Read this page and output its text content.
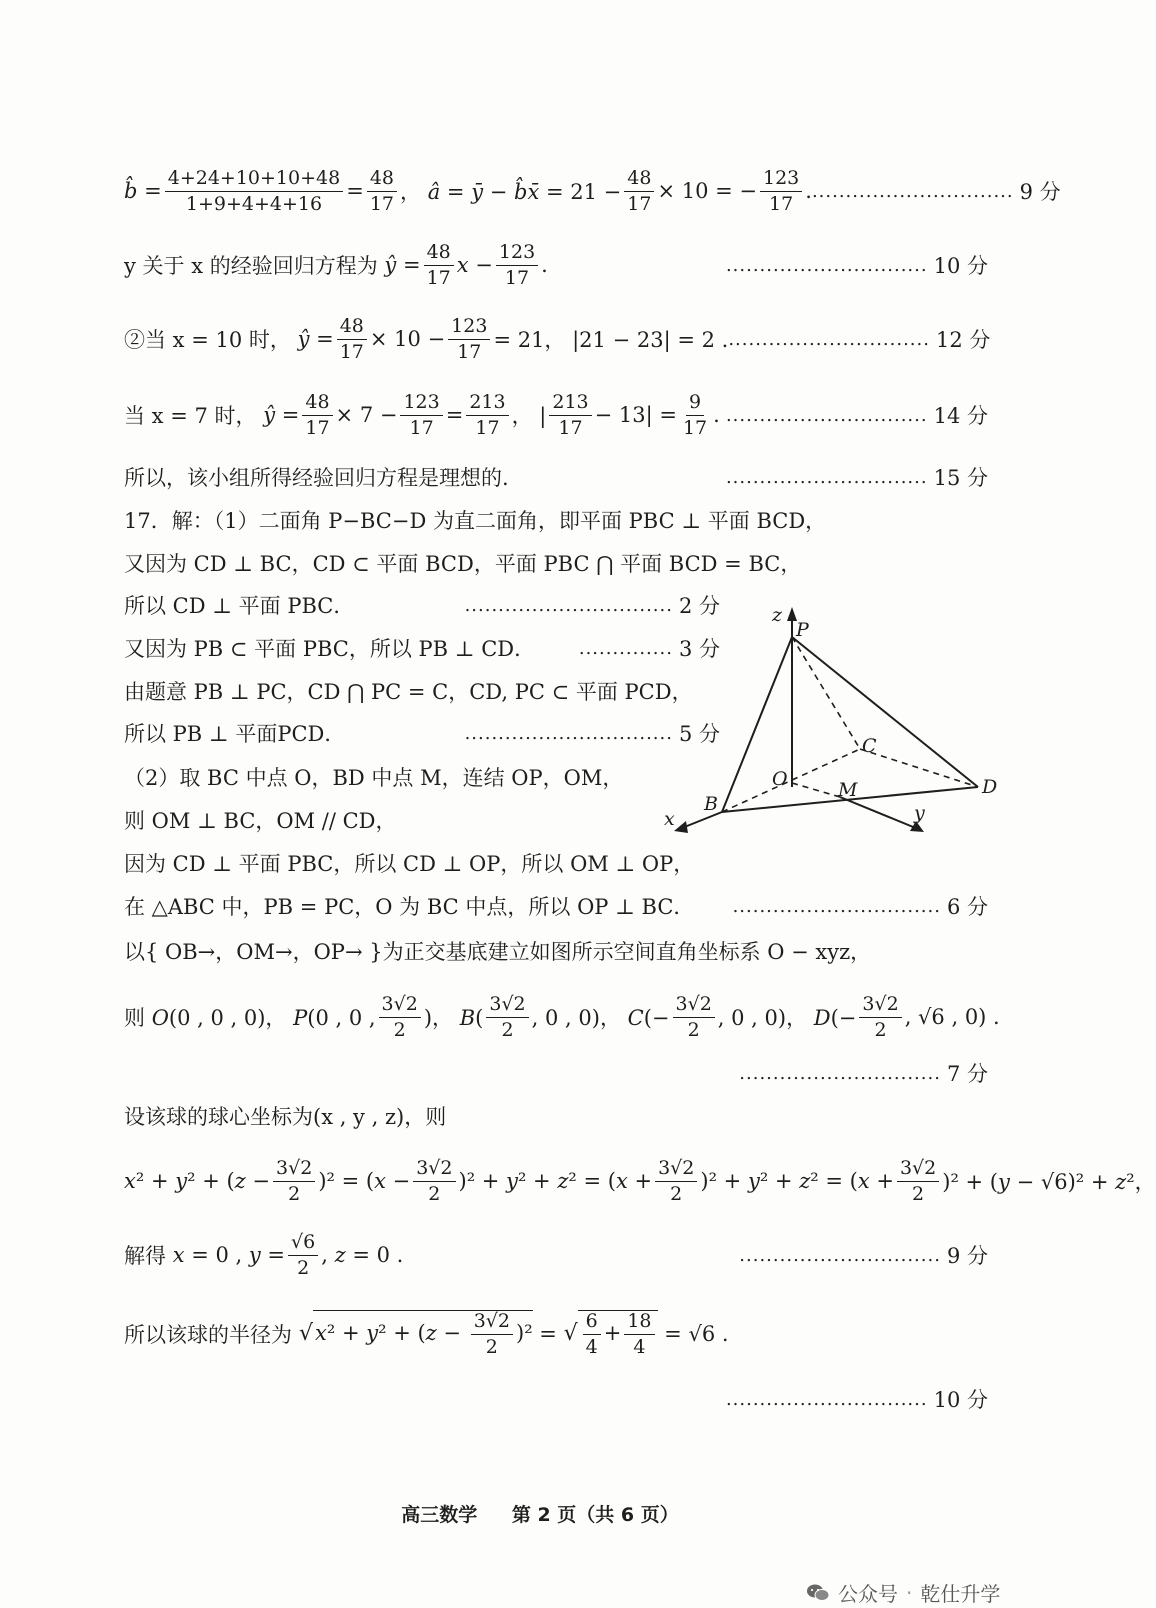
b̂ = $\frac{4+24+10+10+48}{1+9+4+4+16} = \frac{48}{17}$ ， â = ȳ − b̂x̄ = $21 - \frac{48}{17} \times 10$ = − $\frac{123}{17}$ . .............................. 9 分
y 关于 x 的经验回归方程为 ŷ = $\frac{48}{17}$ $x - \frac{123}{17}$ .	.............................. 10 分
②当 x = 10 时， ŷ = $\frac{48}{17} \times 10 - \frac{123}{17} = 21$， |21 − 23| = 2 . .............................. 12 分
当 x = 7 时， ŷ = $\frac{48}{17} \times 7 - \frac{123}{17} = \frac{213}{17}$ ， | $\frac{213}{17} - 13| = \frac{9}{17}$ . .............................. 14 分
所以，该小组所得经验回归方程是理想的.	.............................. 15 分
17．解：（1）二面角 P−BC−D 为直二面角，即平面 PBC ⊥ 平面 BCD，
又因为 CD ⊥ BC，CD ⊂ 平面 BCD，平面 PBC ⋂ 平面 BCD = BC，
所以 CD ⊥ 平面 PBC．	............................... 2 分
又因为 PB ⊂ 平面 PBC，所以 PB ⊥ CD． .............. 3 分
由题意 PB ⊥ PC，CD ⋂ PC = C，CD, PC ⊂ 平面 PCD，
所以 PB ⊥ 平面PCD．	............................... 5 分
（2）取 BC 中点 O，BD 中点 M，连结 OP，OM，
则 OM ⊥ BC，OM // CD，
因为 CD ⊥ 平面 PBC，所以 CD ⊥ OP，所以 OM ⊥ OP，
在 △ABC 中，PB = PC，O 为 BC 中点，所以 OP ⊥ BC． ............................... 6 分
以{ OB→，OM→，OP→ }为正交基底建立如图所示空间直角坐标系 O − xyz，
则 O(0 , 0 , 0)， P(0 , 0 , $\frac{3√2}{2}$ )， $B( \frac{3√2}{2}$ , 0 , 0)， $C(- \frac{3√2}{2}$ , 0 , 0)， $D(- \frac{3√2}{2}$ , √6 , 0) .
.............................. 7 分
设该球的球心坐标为(x , y , z)，则
$x^2 + y^2 + (z - \frac{3√2}{2} )^2 = (x - \frac{3√2}{2} )^2 + y^2 + z^2 = (x + \frac{3√2}{2} )^2 + y^2 + z^2 = (x + \frac{3√2}{2} )^2 + (y - √6)^2 + z^2$，
解得 x = 0 , $y = \frac{√6}{2}$ , z = 0 .	.............................. 9 分
所以该球的半径为 √ $x^2 + y^2 + (z - \frac{3√2}{2} )^2$ = √ $\frac{6}{4} + \frac{18}{4} = √6$ .
.............................. 10 分
z
P
C
O	M	D
B
x	y
高三数学 第 2 页（共 6 页）
公众号 · 乾仕升学
